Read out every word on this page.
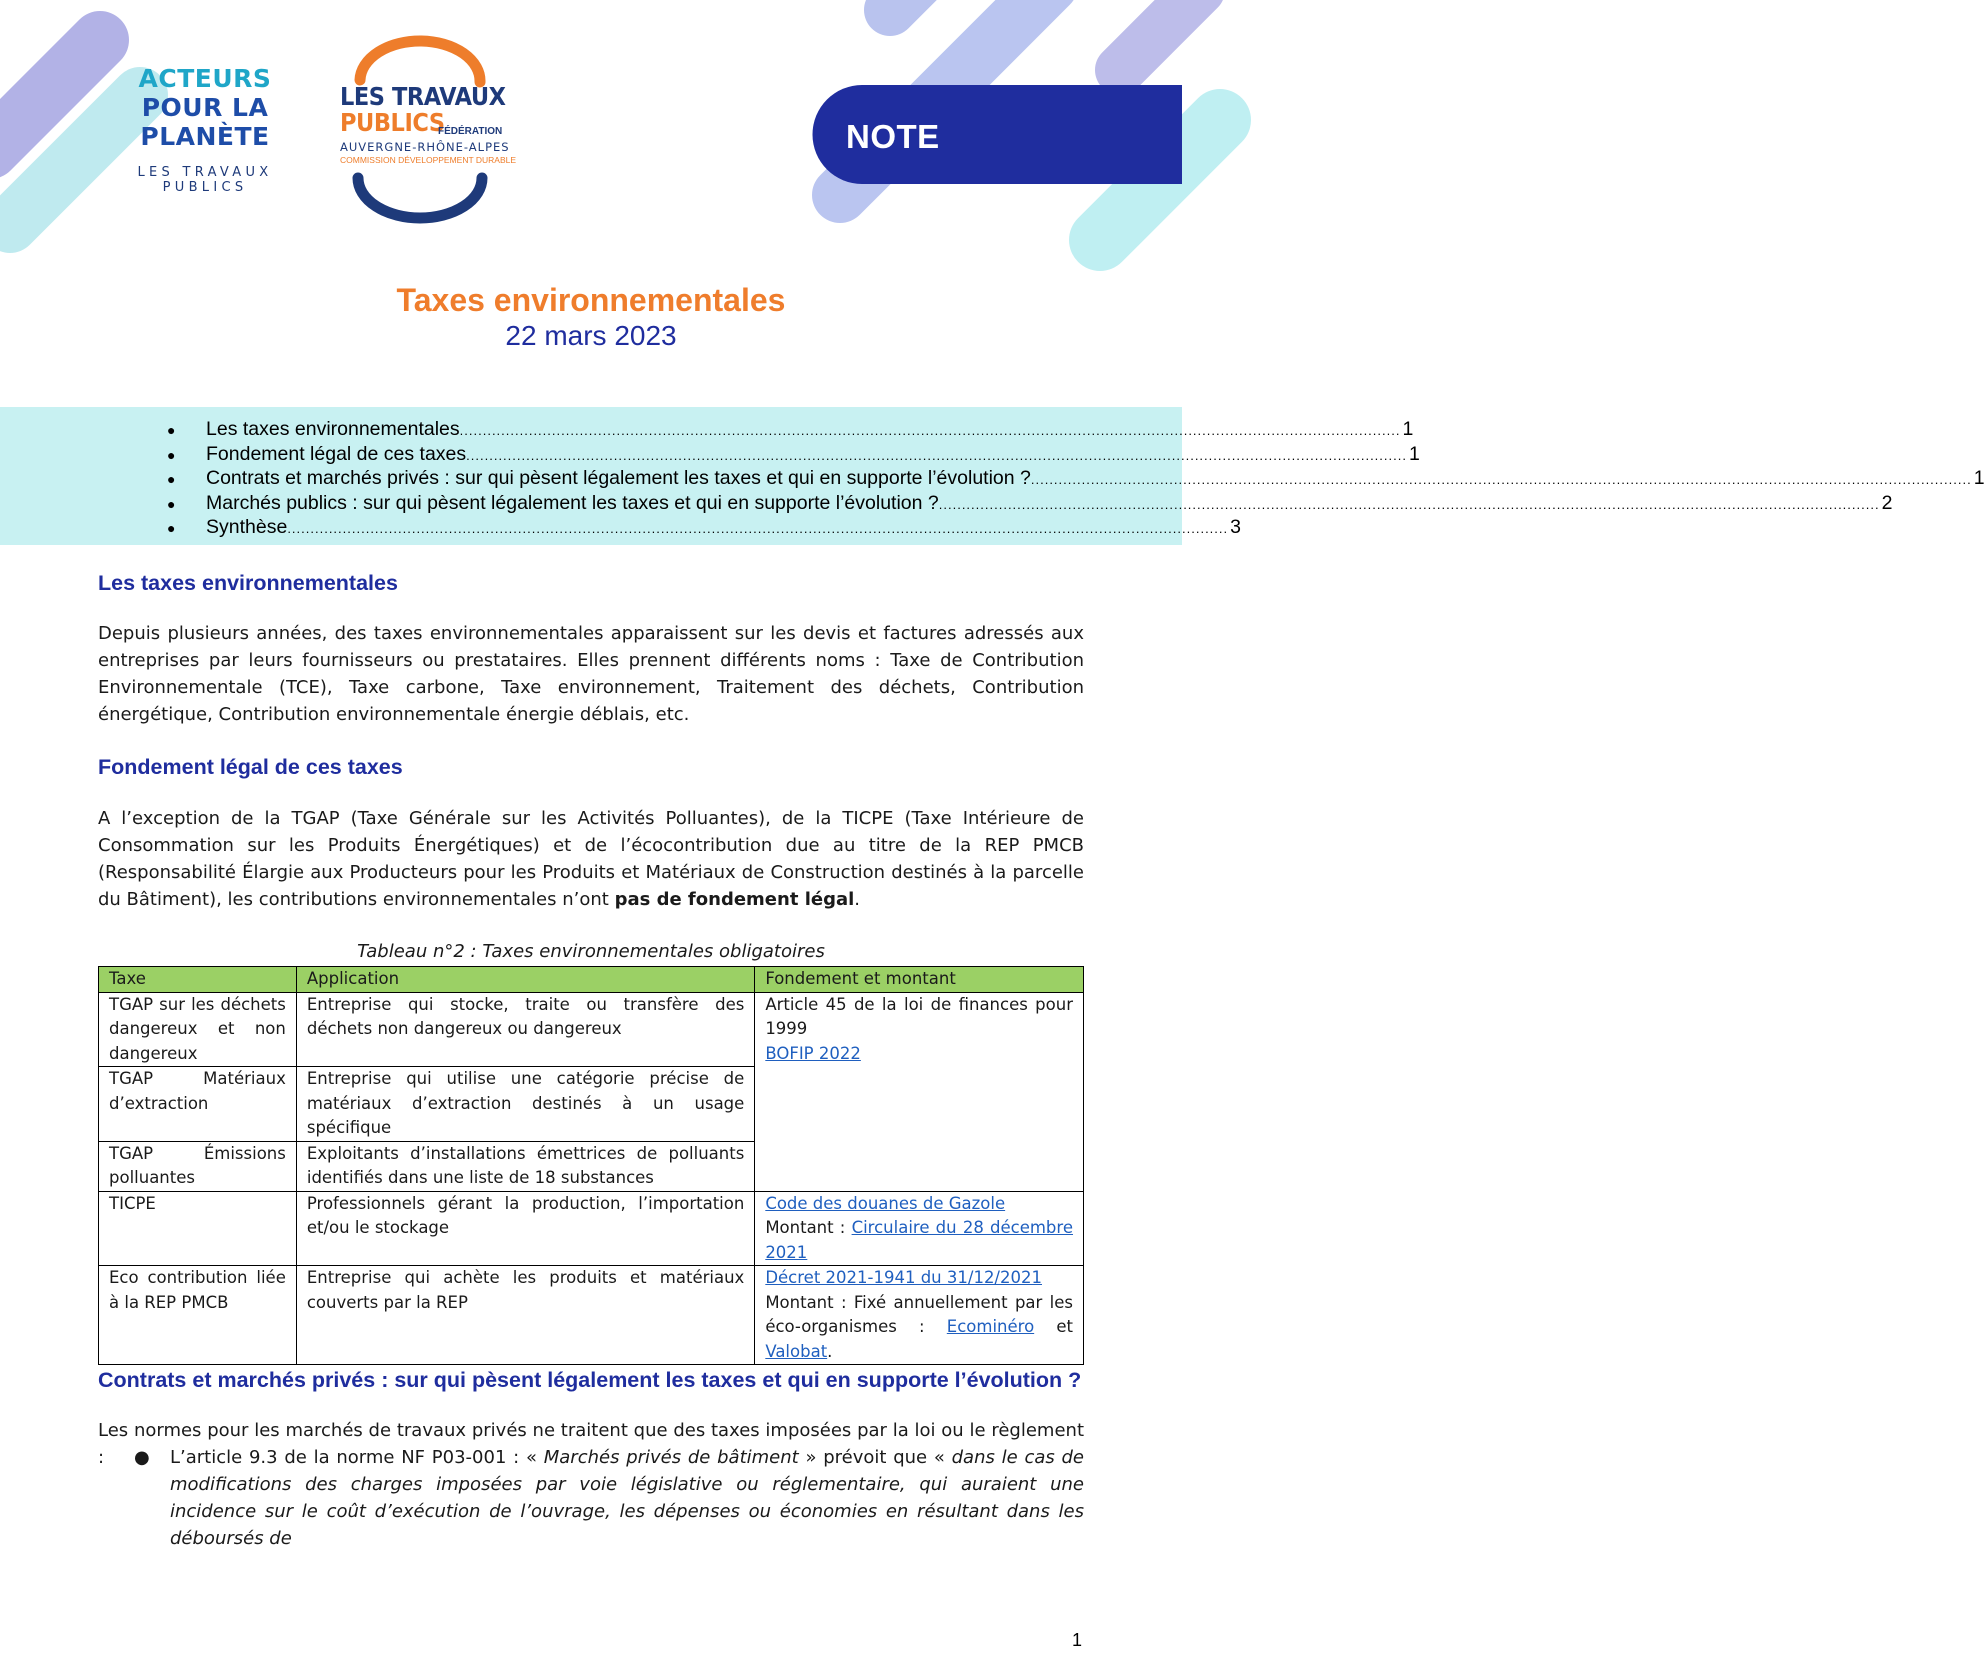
ACTEURS
POUR LA PLANÈTE
LES TRAVAUX PUBLICS
LES TRAVAUX
PUBLICS
FÉDÉRATION
AUVERGNE-RHÔNE-ALPES
COMMISSION DÉVELOPPEMENT DURABLE
NOTE
Taxes environnementales
22 mars 2023
●	Les taxes environnementales ............................................................................................................................................................................................................ 1
●	Fondement légal de ces taxes ............................................................................................................................................................................................................ 1
●	Contrats et marchés privés : sur qui pèsent légalement les taxes et qui en supporte l’évolution ? ............................................................................................................................................................................................................ 1
●	Marchés publics : sur qui pèsent légalement les taxes et qui en supporte l’évolution ? ............................................................................................................................................................................................................ 2
●	Synthèse ............................................................................................................................................................................................................ 3
Les taxes environnementales

Depuis plusieurs années, des taxes environnementales apparaissent sur les devis et factures adressés aux entreprises par leurs fournisseurs ou prestataires. Elles prennent différents noms : Taxe de Contribution Environnementale (TCE), Taxe carbone, Taxe environnement, Traitement des déchets, Contribution énergétique, Contribution environnementale énergie déblais, etc.

Fondement légal de ces taxes

A l’exception de la TGAP (Taxe Générale sur les Activités Polluantes), de la TICPE (Taxe Intérieure de Consommation sur les Produits Énergétiques) et de l’écocontribution due au titre de la REP PMCB (Responsabilité Élargie aux Producteurs pour les Produits et Matériaux de Construction destinés à la parcelle du Bâtiment), les contributions environnementales n’ont pas de fondement légal.

Tableau n°2 : Taxes environnementales obligatoires
Taxe	Application	Fondement et montant
TGAP sur les déchets dangereux et non dangereux	Entreprise qui stocke, traite ou transfère des déchets non dangereux ou dangereux	Article 45 de la loi de finances pour 1999
BOFIP 2022
TGAP Matériaux d’extraction	Entreprise qui utilise une catégorie précise de matériaux d’extraction destinés à un usage spécifique	
TGAP Émissions polluantes	Exploitants d’installations émettrices de polluants identifiés dans une liste de 18 substances	
TICPE	Professionnels gérant la production, l’importation et/ou le stockage	Code des douanes de Gazole
Montant : Circulaire du 28 décembre 2021
Eco contribution liée à la REP PMCB	Entreprise qui achète les produits et matériaux couverts par la REP	Décret 2021-1941 du 31/12/2021
Montant : Fixé annuellement par les éco-organismes : Ecominéro et Valobat.
Contrats et marchés privés : sur qui pèsent légalement les taxes et qui en supporte l’évolution ?

Les normes pour les marchés de travaux privés ne traitent que des taxes imposées par la loi ou le règlement :	● L’article 9.3 de la norme NF P03-001 : « Marchés privés de bâtiment » prévoit que « dans le cas de modifications des charges imposées par voie législative ou réglementaire, qui auraient une incidence sur le coût d’exécution de l’ouvrage, les dépenses ou économies en résultant dans les déboursés de
1
